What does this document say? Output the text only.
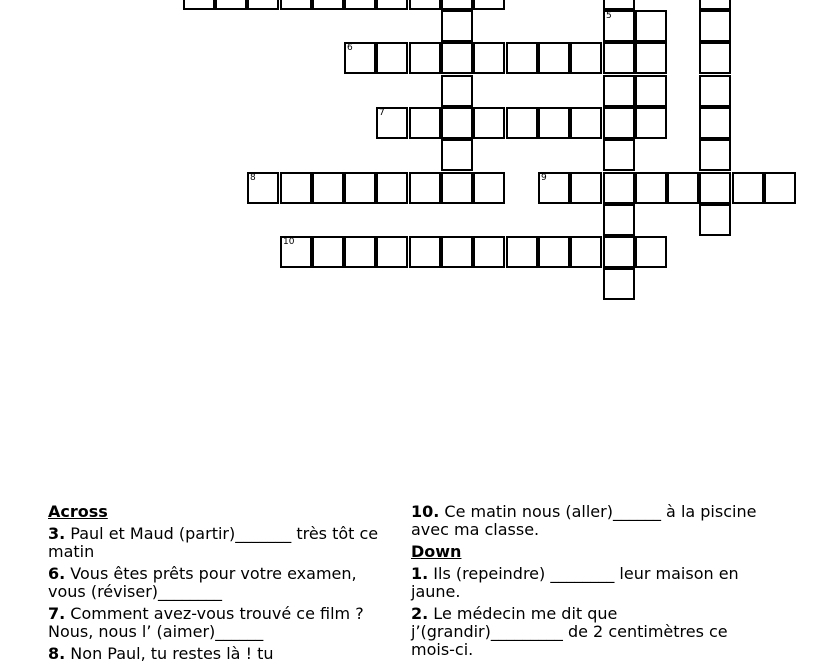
5
6
7
8	9
10
Across
3. Paul et Maud (partir)_______ très tôt ce matin
6. Vous êtes prêts pour votre examen, vous (réviser)________
7. Comment avez-vous trouvé ce film ? Nous, nous l’ (aimer)______
8. Non Paul, tu restes là ! tu
10. Ce matin nous (aller)______ à la piscine avec ma classe.
Down
1. Ils (repeindre) ________ leur maison en jaune.
2. Le médecin me dit que j’(grandir)_________ de 2 centimètres ce mois-ci.
